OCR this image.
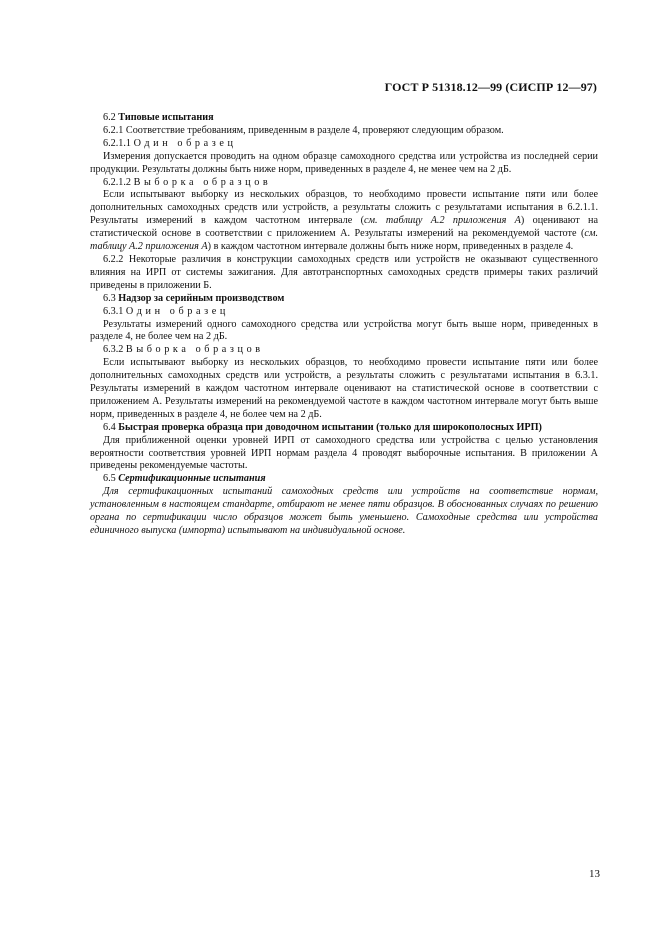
ГОСТ Р 51318.12—99 (СИСПР 12—97)

6.2 Типовые испытания

6.2.1 Соответствие требованиям, приведенным в разделе 4, проверяют следующим образом.

6.2.1.1 Один образец

Измерения допускается проводить на одном образце самоходного средства или устройства из последней серии продукции. Результаты должны быть ниже норм, приведенных в разделе 4, не менее чем на 2 дБ.

6.2.1.2 Выборка образцов

Если испытывают выборку из нескольких образцов, то необходимо провести испытание пяти или более дополнительных самоходных средств или устройств, а результаты сложить с результатами испытания в 6.2.1.1. Результаты измерений в каждом частотном интервале (см. таблицу А.2 приложения А) оценивают на статистической основе в соответствии с приложением А. Результаты измерений на рекомендуемой частоте (см. таблицу А.2 приложения А) в каждом частотном интервале должны быть ниже норм, приведенных в разделе 4.

6.2.2 Некоторые различия в конструкции самоходных средств или устройств не оказывают существенного влияния на ИРП от системы зажигания. Для автотранспортных самоходных средств примеры таких различий приведены в приложении Б.

6.3 Надзор за серийным производством

6.3.1 Один образец

Результаты измерений одного самоходного средства или устройства могут быть выше норм, приведенных в разделе 4, не более чем на 2 дБ.

6.3.2 Выборка образцов

Если испытывают выборку из нескольких образцов, то необходимо провести испытание пяти или более дополнительных самоходных средств или устройств, а результаты сложить с результатами испытания в 6.3.1. Результаты измерений в каждом частотном интервале оценивают на статистической основе в соответствии с приложением А. Результаты измерений на рекомендуемой частоте в каждом частотном интервале могут быть выше норм, приведенных в разделе 4, не более чем на 2 дБ.

6.4 Быстрая проверка образца при доводочном испытании (только для широкополосных ИРП)

Для приближенной оценки уровней ИРП от самоходного средства или устройства с целью установления вероятности соответствия уровней ИРП нормам раздела 4 проводят выборочные испытания. В приложении А приведены рекомендуемые частоты.

6.5 Сертификационные испытания

Для сертификационных испытаний самоходных средств или устройств на соответствие нормам, установленным в настоящем стандарте, отбирают не менее пяти образцов. В обоснованных случаях по решению органа по сертификации число образцов может быть уменьшено. Самоходные средства или устройства единичного выпуска (импорта) испытывают на индивидуальной основе.

13
